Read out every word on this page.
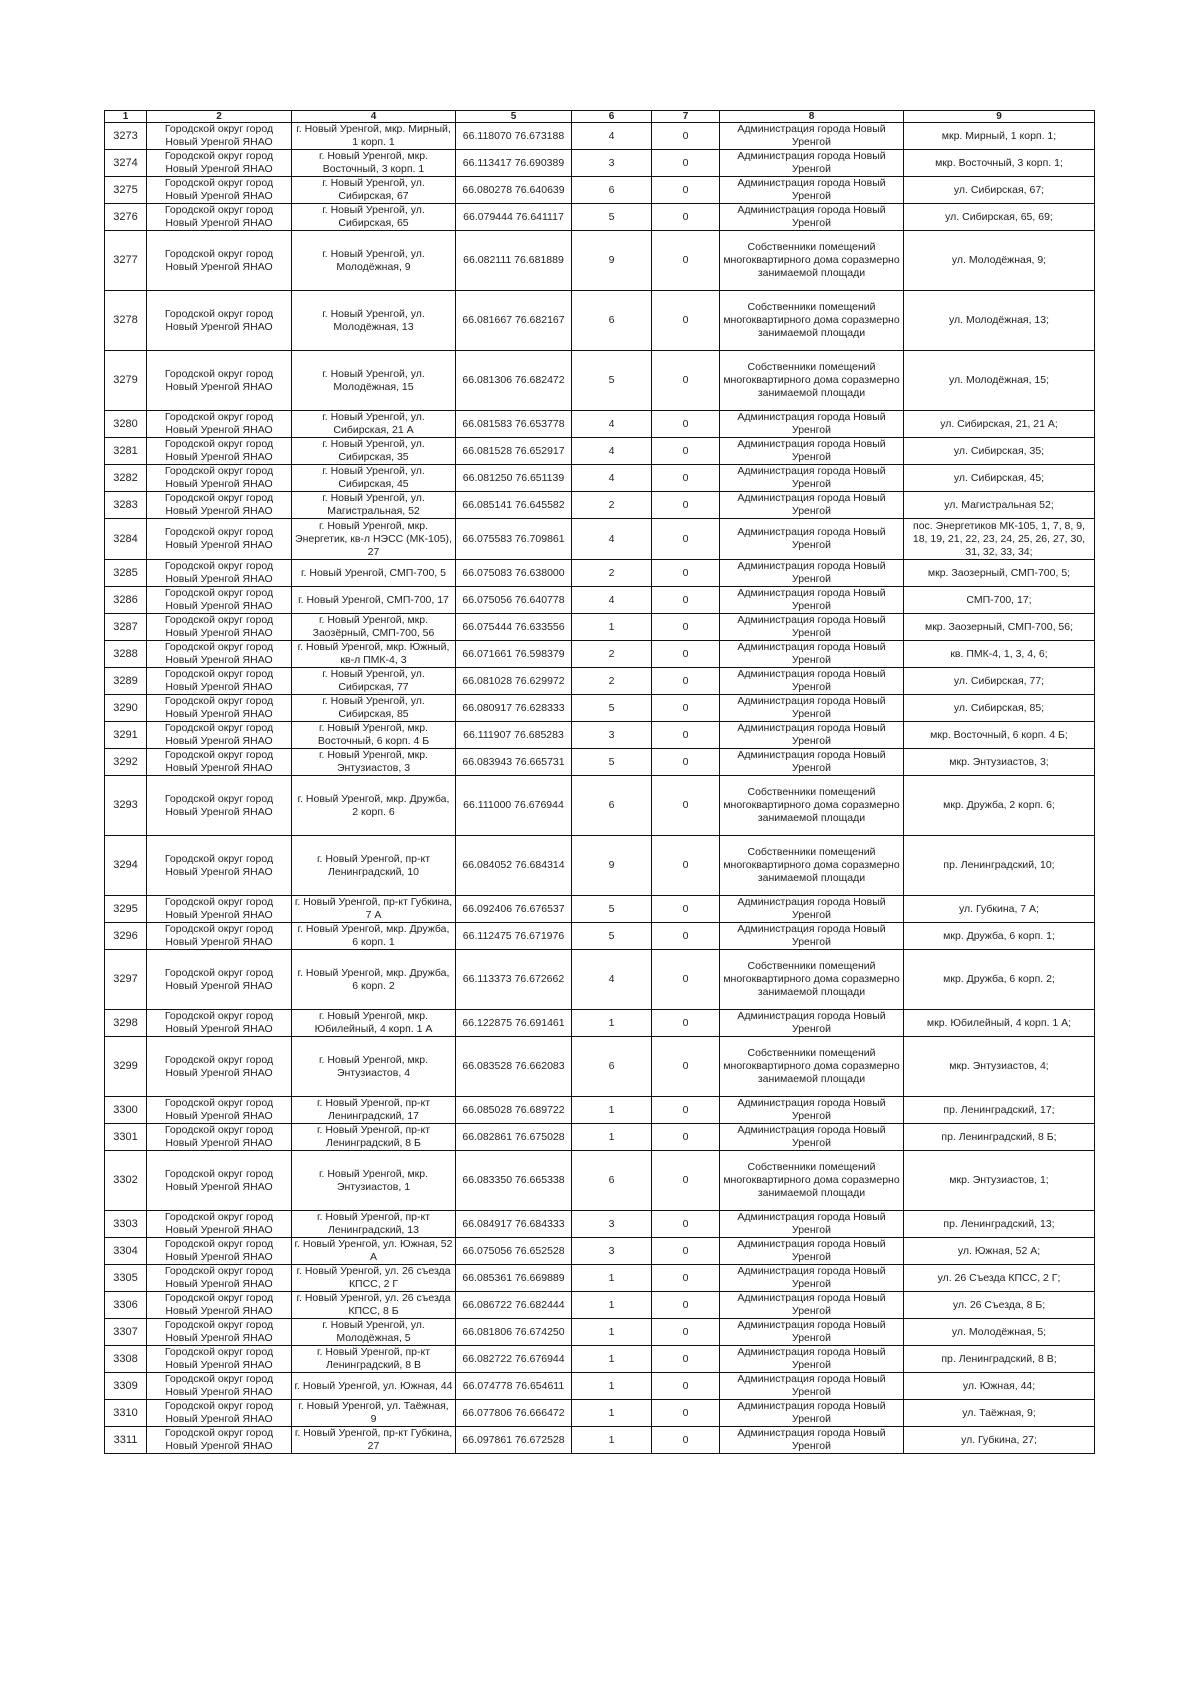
1	2	4	5	6	7	8	9
3273	Городской округ город Новый Уренгой ЯНАО	г. Новый Уренгой, мкр. Мирный, 1 корп. 1	66.118070 76.673188	4	0	Администрация города Новый Уренгой	мкр. Мирный, 1 корп. 1;
3274	Городской округ город Новый Уренгой ЯНАО	г. Новый Уренгой, мкр. Восточный, 3 корп. 1	66.113417 76.690389	3	0	Администрация города Новый Уренгой	мкр. Восточный, 3 корп. 1;
3275	Городской округ город Новый Уренгой ЯНАО	г. Новый Уренгой, ул. Сибирская, 67	66.080278 76.640639	6	0	Администрация города Новый Уренгой	ул. Сибирская, 67;
3276	Городской округ город Новый Уренгой ЯНАО	г. Новый Уренгой, ул. Сибирская, 65	66.079444 76.641117	5	0	Администрация города Новый Уренгой	ул. Сибирская, 65, 69;
3277	Городской округ город Новый Уренгой ЯНАО	г. Новый Уренгой, ул. Молодёжная, 9	66.082111 76.681889	9	0	Собственники помещений многоквартирного дома соразмерно занимаемой площади	ул. Молодёжная, 9;
3278	Городской округ город Новый Уренгой ЯНАО	г. Новый Уренгой, ул. Молодёжная, 13	66.081667 76.682167	6	0	Собственники помещений многоквартирного дома соразмерно занимаемой площади	ул. Молодёжная, 13;
3279	Городской округ город Новый Уренгой ЯНАО	г. Новый Уренгой, ул. Молодёжная, 15	66.081306 76.682472	5	0	Собственники помещений многоквартирного дома соразмерно занимаемой площади	ул. Молодёжная, 15;
3280	Городской округ город Новый Уренгой ЯНАО	г. Новый Уренгой, ул. Сибирская, 21 А	66.081583 76.653778	4	0	Администрация города Новый Уренгой	ул. Сибирская, 21, 21 А;
3281	Городской округ город Новый Уренгой ЯНАО	г. Новый Уренгой, ул. Сибирская, 35	66.081528 76.652917	4	0	Администрация города Новый Уренгой	ул. Сибирская, 35;
3282	Городской округ город Новый Уренгой ЯНАО	г. Новый Уренгой, ул. Сибирская, 45	66.081250 76.651139	4	0	Администрация города Новый Уренгой	ул. Сибирская, 45;
3283	Городской округ город Новый Уренгой ЯНАО	г. Новый Уренгой, ул. Магистральная, 52	66.085141 76.645582	2	0	Администрация города Новый Уренгой	ул. Магистральная 52;
3284	Городской округ город Новый Уренгой ЯНАО	г. Новый Уренгой, мкр. Энергетик, кв-л НЭСС (МК-105), 27	66.075583 76.709861	4	0	Администрация города Новый Уренгой	пос. Энергетиков МК-105, 1, 7, 8, 9, 18, 19, 21, 22, 23, 24, 25, 26, 27, 30, 31, 32, 33, 34;
3285	Городской округ город Новый Уренгой ЯНАО	г. Новый Уренгой, СМП-700, 5	66.075083 76.638000	2	0	Администрация города Новый Уренгой	мкр. Заозерный, СМП-700, 5;
3286	Городской округ город Новый Уренгой ЯНАО	г. Новый Уренгой, СМП-700, 17	66.075056 76.640778	4	0	Администрация города Новый Уренгой	СМП-700, 17;
3287	Городской округ город Новый Уренгой ЯНАО	г. Новый Уренгой, мкр. Заозёрный, СМП-700, 56	66.075444 76.633556	1	0	Администрация города Новый Уренгой	мкр. Заозерный, СМП-700, 56;
3288	Городской округ город Новый Уренгой ЯНАО	г. Новый Уренгой, мкр. Южный, кв-л ПМК-4, 3	66.071661 76.598379	2	0	Администрация города Новый Уренгой	кв. ПМК-4, 1, 3, 4, 6;
3289	Городской округ город Новый Уренгой ЯНАО	г. Новый Уренгой, ул. Сибирская, 77	66.081028 76.629972	2	0	Администрация города Новый Уренгой	ул. Сибирская, 77;
3290	Городской округ город Новый Уренгой ЯНАО	г. Новый Уренгой, ул. Сибирская, 85	66.080917 76.628333	5	0	Администрация города Новый Уренгой	ул. Сибирская, 85;
3291	Городской округ город Новый Уренгой ЯНАО	г. Новый Уренгой, мкр. Восточный, 6 корп. 4 Б	66.111907 76.685283	3	0	Администрация города Новый Уренгой	мкр. Восточный, 6 корп. 4 Б;
3292	Городской округ город Новый Уренгой ЯНАО	г. Новый Уренгой, мкр. Энтузиастов, 3	66.083943 76.665731	5	0	Администрация города Новый Уренгой	мкр. Энтузиастов, 3;
3293	Городской округ город Новый Уренгой ЯНАО	г. Новый Уренгой, мкр. Дружба, 2 корп. 6	66.111000 76.676944	6	0	Собственники помещений многоквартирного дома соразмерно занимаемой площади	мкр. Дружба, 2 корп. 6;
3294	Городской округ город Новый Уренгой ЯНАО	г. Новый Уренгой, пр-кт Ленинградский, 10	66.084052 76.684314	9	0	Собственники помещений многоквартирного дома соразмерно занимаемой площади	пр. Ленинградский, 10;
3295	Городской округ город Новый Уренгой ЯНАО	г. Новый Уренгой, пр-кт Губкина, 7 А	66.092406 76.676537	5	0	Администрация города Новый Уренгой	ул. Губкина, 7 А;
3296	Городской округ город Новый Уренгой ЯНАО	г. Новый Уренгой, мкр. Дружба, 6 корп. 1	66.112475 76.671976	5	0	Администрация города Новый Уренгой	мкр. Дружба, 6 корп. 1;
3297	Городской округ город Новый Уренгой ЯНАО	г. Новый Уренгой, мкр. Дружба, 6 корп. 2	66.113373 76.672662	4	0	Собственники помещений многоквартирного дома соразмерно занимаемой площади	мкр. Дружба, 6 корп. 2;
3298	Городской округ город Новый Уренгой ЯНАО	г. Новый Уренгой, мкр. Юбилейный, 4 корп. 1 А	66.122875 76.691461	1	0	Администрация города Новый Уренгой	мкр. Юбилейный, 4 корп. 1 А;
3299	Городской округ город Новый Уренгой ЯНАО	г. Новый Уренгой, мкр. Энтузиастов, 4	66.083528 76.662083	6	0	Собственники помещений многоквартирного дома соразмерно занимаемой площади	мкр. Энтузиастов, 4;
3300	Городской округ город Новый Уренгой ЯНАО	г. Новый Уренгой, пр-кт Ленинградский, 17	66.085028 76.689722	1	0	Администрация города Новый Уренгой	пр. Ленинградский, 17;
3301	Городской округ город Новый Уренгой ЯНАО	г. Новый Уренгой, пр-кт Ленинградский, 8 Б	66.082861 76.675028	1	0	Администрация города Новый Уренгой	пр. Ленинградский, 8 Б;
3302	Городской округ город Новый Уренгой ЯНАО	г. Новый Уренгой, мкр. Энтузиастов, 1	66.083350 76.665338	6	0	Собственники помещений многоквартирного дома соразмерно занимаемой площади	мкр. Энтузиастов, 1;
3303	Городской округ город Новый Уренгой ЯНАО	г. Новый Уренгой, пр-кт Ленинградский, 13	66.084917 76.684333	3	0	Администрация города Новый Уренгой	пр. Ленинградский, 13;
3304	Городской округ город Новый Уренгой ЯНАО	г. Новый Уренгой, ул. Южная, 52 А	66.075056 76.652528	3	0	Администрация города Новый Уренгой	ул. Южная, 52 А;
3305	Городской округ город Новый Уренгой ЯНАО	г. Новый Уренгой, ул. 26 съезда КПСС, 2 Г	66.085361 76.669889	1	0	Администрация города Новый Уренгой	ул. 26 Съезда КПСС, 2 Г;
3306	Городской округ город Новый Уренгой ЯНАО	г. Новый Уренгой, ул. 26 съезда КПСС, 8 Б	66.086722 76.682444	1	0	Администрация города Новый Уренгой	ул. 26 Съезда, 8 Б;
3307	Городской округ город Новый Уренгой ЯНАО	г. Новый Уренгой, ул. Молодёжная, 5	66.081806 76.674250	1	0	Администрация города Новый Уренгой	ул. Молодёжная, 5;
3308	Городской округ город Новый Уренгой ЯНАО	г. Новый Уренгой, пр-кт Ленинградский, 8 В	66.082722 76.676944	1	0	Администрация города Новый Уренгой	пр. Ленинградский, 8 В;
3309	Городской округ город Новый Уренгой ЯНАО	г. Новый Уренгой, ул. Южная, 44	66.074778 76.654611	1	0	Администрация города Новый Уренгой	ул. Южная, 44;
3310	Городской округ город Новый Уренгой ЯНАО	г. Новый Уренгой, ул. Таёжная, 9	66.077806 76.666472	1	0	Администрация города Новый Уренгой	ул. Таёжная, 9;
3311	Городской округ город Новый Уренгой ЯНАО	г. Новый Уренгой, пр-кт Губкина, 27	66.097861 76.672528	1	0	Администрация города Новый Уренгой	ул. Губкина, 27;
